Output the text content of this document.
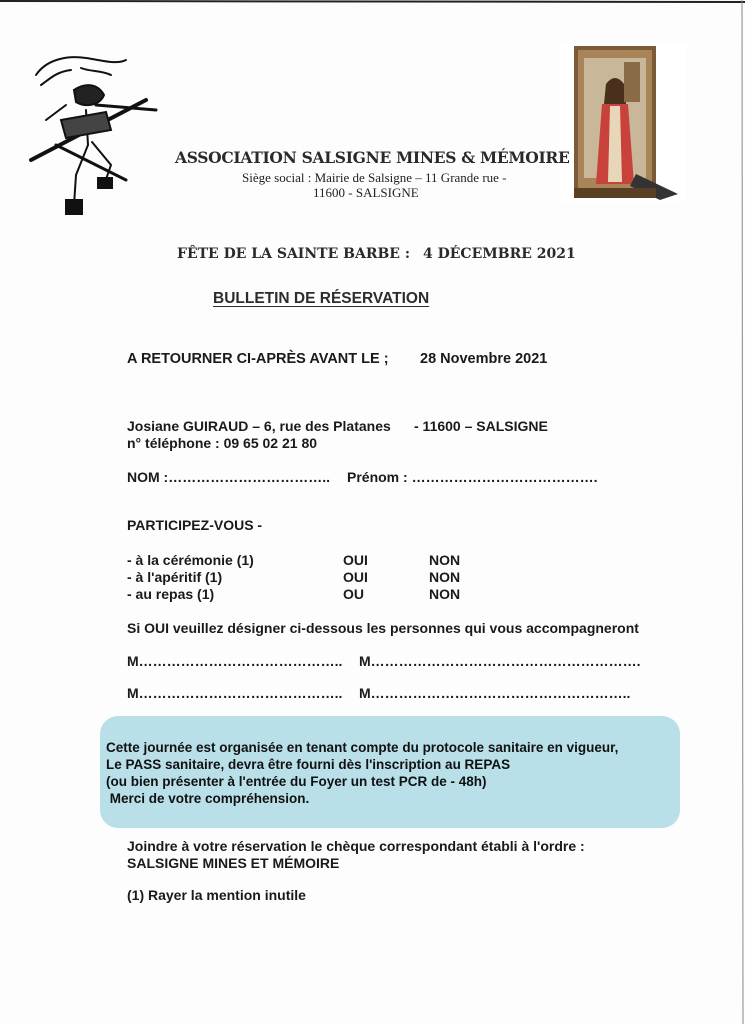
ASSOCIATION SALSIGNE MINES & MÉMOIRE
Siège social : Mairie de Salsigne – 11 Grande rue -
11600 - SALSIGNE
FÊTE DE LA SAINTE BARBE : 4 DÉCEMBRE 2021
BULLETIN DE RÉSERVATION
A RETOURNER CI-APRÈS AVANT LE ; 28 Novembre 2021
Josiane GUIRAUD – 6, rue des Platanes - 11600 – SALSIGNE
n° téléphone : 09 65 02 21 80
NOM :…………………………….. Prénom : ………………………………….
PARTICIPEZ-VOUS -
- à la cérémonie (1)	OUI	NON
- à l'apéritif (1)	OUI	NON
- au repas (1)	OU	NON
Si OUI veuillez désigner ci-dessous les personnes qui vous accompagneront
M…………………………………….. M………………………………………………….
M…………………………………….. M………………………………………………..
Cette journée est organisée en tenant compte du protocole sanitaire en vigueur,
Le PASS sanitaire, devra être fourni dès l'inscription au REPAS
(ou bien présenter à l'entrée du Foyer un test PCR de - 48h)
Merci de votre compréhension.
Joindre à votre réservation le chèque correspondant établi à l'ordre :
SALSIGNE MINES ET MÉMOIRE
(1) Rayer la mention inutile
